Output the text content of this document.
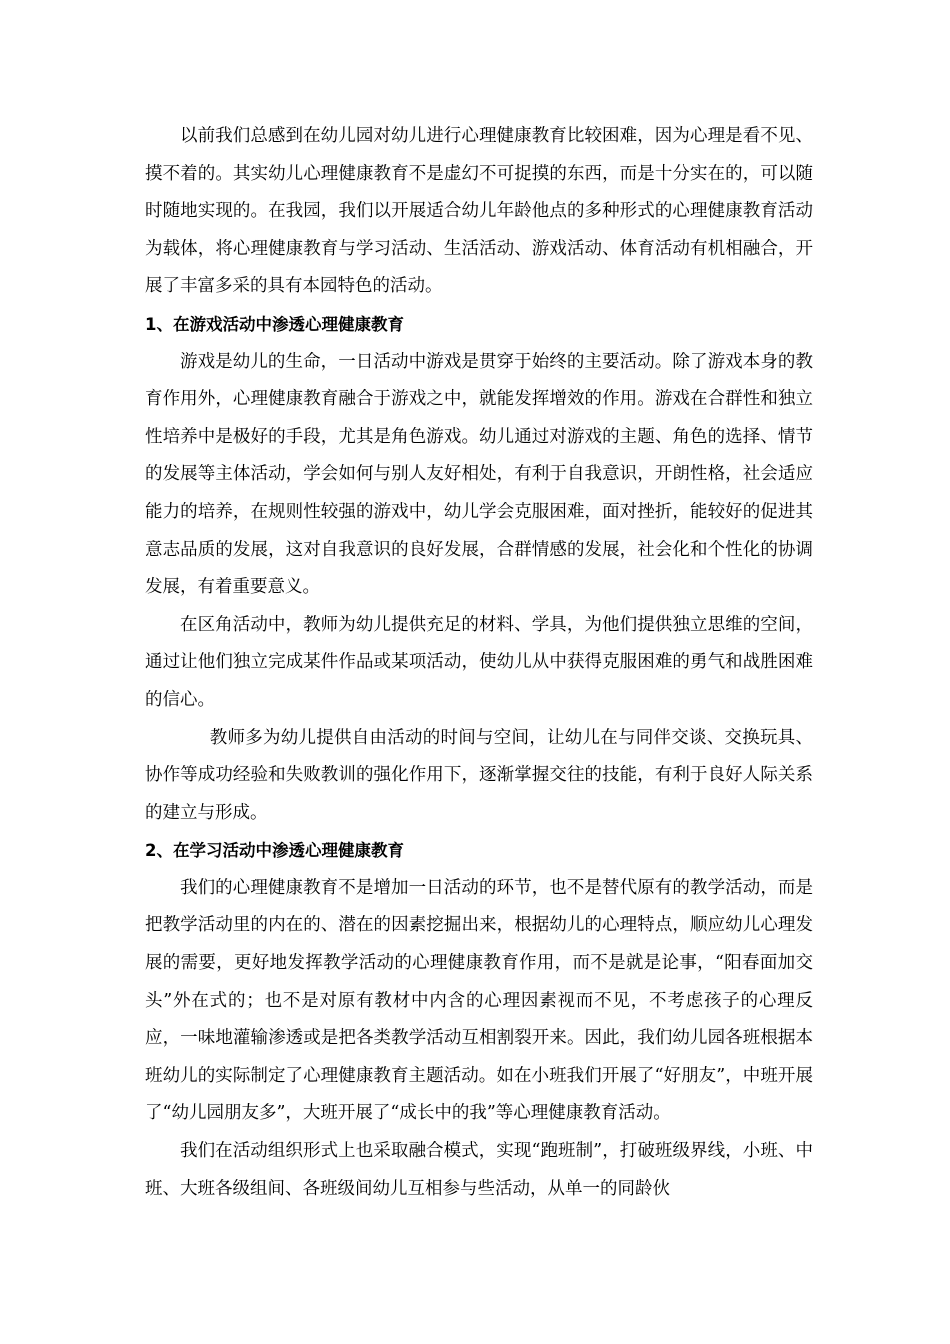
以前我们总感到在幼儿园对幼儿进行心理健康教育比较困难，因为心理是看不见、摸不着的。其实幼儿心理健康教育不是虚幻不可捉摸的东西，而是十分实在的，可以随时随地实现的。在我园，我们以开展适合幼儿年龄他点的多种形式的心理健康教育活动为载体，将心理健康教育与学习活动、生活活动、游戏活动、体育活动有机相融合，开展了丰富多采的具有本园特色的活动。

1、在游戏活动中渗透心理健康教育

游戏是幼儿的生命，一日活动中游戏是贯穿于始终的主要活动。除了游戏本身的教育作用外，心理健康教育融合于游戏之中，就能发挥增效的作用。游戏在合群性和独立性培养中是极好的手段，尤其是角色游戏。幼儿通过对游戏的主题、角色的选择、情节的发展等主体活动，学会如何与别人友好相处，有利于自我意识，开朗性格，社会适应能力的培养，在规则性较强的游戏中，幼儿学会克服困难，面对挫折，能较好的促进其意志品质的发展，这对自我意识的良好发展，合群情感的发展，社会化和个性化的协调发展，有着重要意义。

在区角活动中，教师为幼儿提供充足的材料、学具，为他们提供独立思维的空间，通过让他们独立完成某件作品或某项活动，使幼儿从中获得克服困难的勇气和战胜困难的信心。

教师多为幼儿提供自由活动的时间与空间，让幼儿在与同伴交谈、交换玩具、协作等成功经验和失败教训的强化作用下，逐渐掌握交往的技能，有利于良好人际关系的建立与形成。

2、在学习活动中渗透心理健康教育

我们的心理健康教育不是增加一日活动的环节，也不是替代原有的教学活动，而是把教学活动里的内在的、潜在的因素挖掘出来，根据幼儿的心理特点，顺应幼儿心理发展的需要，更好地发挥教学活动的心理健康教育作用，而不是就是论事，“阳春面加交头”外在式的；也不是对原有教材中内含的心理因素视而不见，不考虑孩子的心理反应，一味地灌输渗透或是把各类教学活动互相割裂开来。因此，我们幼儿园各班根据本班幼儿的实际制定了心理健康教育主题活动。如在小班我们开展了“好朋友”，中班开展了“幼儿园朋友多”，大班开展了“成长中的我”等心理健康教育活动。

我们在活动组织形式上也采取融合模式，实现“跑班制”，打破班级界线，小班、中班、大班各级组间、各班级间幼儿互相参与些活动，从单一的同龄伙
